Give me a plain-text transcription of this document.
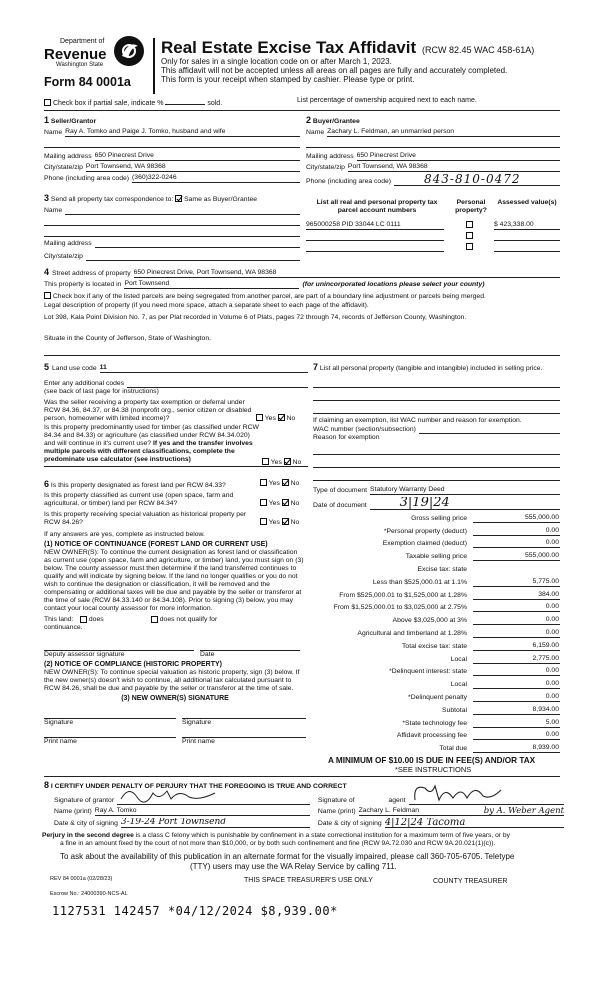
Department of
Revenue
Washington State
Form 84 0001a
Real Estate Excise Tax Affidavit (RCW 82.45 WAC 458-61A)
Only for sales in a single location code on or after March 1, 2023.
This affidavit will not be accepted unless all areas on all pages are fully and accurately completed.
This form is your receipt when stamped by cashier. Please type or print.
Check box if partial sale, indicate %	sold.	List percentage of ownership acquired next to each name.
1 Seller/Grantor
Name Ray A. Tomko and Paige J. Tomko, husband and wife
Mailing address 650 Pinecrest Drive
City/state/zip Port Townsend, WA 98368
Phone (including area code) (360)322-0246
2 Buyer/Grantee
Name Zachary L. Feldman, an unmarried person
Mailing address 650 Pinecrest Drive
City/state/zip Port Townsend, WA 98368
Phone (including area code)	843-810-0472
3 Send all property tax correspondence to: Same as Buyer/Grantee
Name
Mailing address
City/state/zip
List all real and personal property tax parcel account numbers
Personal property?
Assessed value(s)
965000258 PID 33044 LC 0111	$ 423,338.00
4 Street address of property 650 Pinecrest Drive, Port Townsend, WA 98368
This property is located in Port Townsend	(for unincorporated locations please select your county)
Check box if any of the listed parcels are being segregated from another parcel, are part of a boundary line adjustment or parcels being merged.
Legal description of property (if you need more space, attach a separate sheet to each page of the affidavit).
Lot 398, Kala Point Division No. 7, as per Plat recorded in Volume 6 of Plats, pages 72 through 74, records of Jefferson County, Washington.
Situate in the County of Jefferson, State of Washington.
5 Land use code 11
Enter any additional codes
(see back of last page for instructions)
Was the seller receiving a property tax exemption or deferral under RCW 84.36, 84.37, or 84.38 (nonprofit org., senior citizen or disabled person, homeowner with limited income)?	Yes No
Is this property predominantly used for timber (as classified under RCW 84.34 and 84.33) or agriculture (as classified under RCW 84.34.020) and will continue in it's current use? If yes and the transfer involves multiple parcels with different classifications, complete the predominate use calculator (see instructions)	Yes No
7 List all personal property (tangible and intangible) included in selling price.
If claiming an exemption, list WAC number and reason for exemption.
WAC number (section/subsection)
Reason for exemption
Type of document Statutory Warranty Deed
Date of document	3|19|24
Gross selling price	555,000.00
*Personal property (deduct)	0.00
Exemption claimed (deduct)	0.00
Taxable selling price	555,000.00
Excise tax: state
Less than $525,000.01 at 1.1%	5,775.00
From $525,000.01 to $1,525,000 at 1.28%	384.00
From $1,525,000.01 to $3,025,000 at 2.75%	0.00
Above $3,025,000 at 3%	0.00
Agricultural and timberland at 1.28%	0.00
Total excise tax: state	6,159.00
Local	2,775.00
*Delinquent interest: state	0.00
Local	0.00
*Delinquent penalty	0.00
Subtotal	8,934.00
*State technology fee	5.00
Affidavit processing fee	0.00
Total due	8,939.00
6 Is this property designated as forest land per RCW 84.33?	Yes No
Is this property classified as current use (open space, farm and agricultural, or timber) land per RCW 84.34?	Yes No
Is this property receiving special valuation as historical property per RCW 84.26?	Yes No
If any answers are yes, complete as instructed below.
(1) NOTICE OF CONTINUANCE (FOREST LAND OR CURRENT USE)
NEW OWNER(S): To continue the current designation as forest land or classification as current use (open space, farm and agriculture, or timber) land, you must sign on (3) below. The county assessor must then determine if the land transferred continues to qualify and will indicate by signing below. If the land no longer qualifies or you do not wish to continue the designation or classification, it will be removed and the compensating or additional taxes will be due and payable by the seller or transferor at the time of sale (RCW 84.33.140 or 84.34.108). Prior to signing (3) below, you may contact your local county assessor for more information.
This land:
	does
	does not qualify for
continuance.
Deputy assessor signature	Date
(2) NOTICE OF COMPLIANCE (HISTORIC PROPERTY)
NEW OWNER(S): To continue special valuation as historic property, sign (3) below. If the new owner(s) doesn't wish to continue, all additional tax calculated pursuant to RCW 84.26, shall be due and payable by the seller or transferor at the time of sale.
(3) NEW OWNER(S) SIGNATURE
Signature	Signature
Print name	Print name
A MINIMUM OF $10.00 IS DUE IN FEE(S) AND/OR TAX
*SEE INSTRUCTIONS
8 I CERTIFY UNDER PENALTY OF PERJURY THAT THE FOREGOING IS TRUE AND CORRECT
Signature of grantor
Name (print) Ray A. Tomko
Date & city of signing 3-19-24 Port Townsend
Signature of	agent
Name (print) Zachary L. Feldman	by A. Weber Agent
Date & city of signing 4|12|24 Tacoma
Perjury in the second degree is a class C felony which is punishable by confinement in a state correctional institution for a maximum term of five years, or by
a fine in an amount fixed by the court of not more than $10,000, or by both such confinement and fine (RCW 9A.72.030 and RCW 9A.20.021(1)(c)).
To ask about the availability of this publication in an alternate format for the visually impaired, please call 360-705-6705. Teletype
(TTY) users may use the WA Relay Service by calling 711.
REV 84 0001a (02/28/23)	THIS SPACE TREASURER'S USE ONLY	COUNTY TREASURER
Escrow No.: 24000390-NCS-AL
1127531 142457 *04/12/2024 $8,939.00*
